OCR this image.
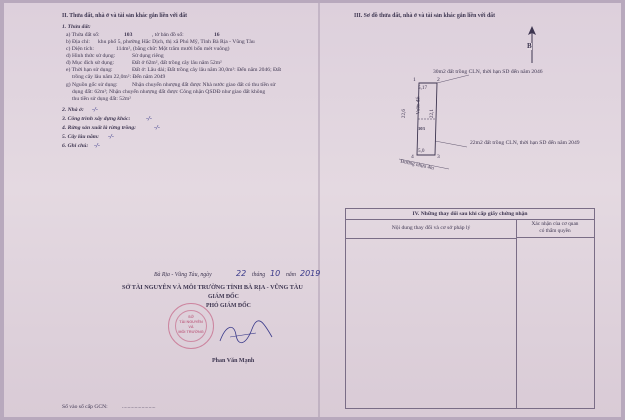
II. Thửa đất, nhà ở và tài sản khác gắn liền với đất
1. Thửa đất:
a) Thửa đất số:	103	, tờ bản đồ số:	16
b) Địa chỉ: khu phố 5, phường Hắc Dịch, thị xã Phú Mỹ, Tỉnh Bà Rịa - Vũng Tàu
c) Diện tích:	114m², (bằng chữ: Một trăm mười bốn mét vuông)
d) Hình thức sử dụng:	Sử dụng riêng
đ) Mục đích sử dụng:	Đất ở 62m², đất trồng cây lâu năm 52m²
e) Thời hạn sử dụng:	Đất ở: Lâu dài; Đất trồng cây lâu năm 30,0m²: Đến năm 2046; Đất
trồng cây lâu năm 22,0m²: Đến năm 2049
g) Nguồn gốc sử dụng:	Nhận chuyển nhượng đất được Nhà nước giao đất có thu tiền sử
dụng đất: 62m²; Nhận chuyển nhượng đất được Công nhận QSDĐ như giao đất không
thu tiền sử dụng đất: 52m²
2. Nhà ở: -/-
3. Công trình xây dựng khác:	-/-
4. Rừng sản xuất là rừng trồng:	-/-
5. Cây lâu năm: -/-
6. Ghi chú: -/-
Bà Rịa - Vũng Tàu, ngày	22 tháng 10 năm 2019
SỞ TÀI NGUYÊN VÀ MÔI TRƯỜNG TỈNH BÀ RỊA - VŨNG TÀU
GIÁM ĐỐC
PHÓ GIÁM ĐỐC
SỞ
TÀI NGUYÊN
VÀ
MÔI TRƯỜNG
Phan Văn Mạnh
Số vào sổ cấp GCN:	........................
III. Sơ đồ thửa đất, nhà ở và tài sản khác gắn liền với đất
B
30m2 đất trồng CLN, thời hạn SD đến năm 2046
22m2 đất trồng CLN, thời hạn SD đến năm 2049
1	2
3
4
5,17
22,6	22,1
5,0
Vườn đất
103
Đường nhựa 4m
IV. Những thay đổi sau khi cấp giấy chứng nhận
Nội dung thay đổi và cơ sở pháp lý
Xác nhận của cơ quan
có thẩm quyền
